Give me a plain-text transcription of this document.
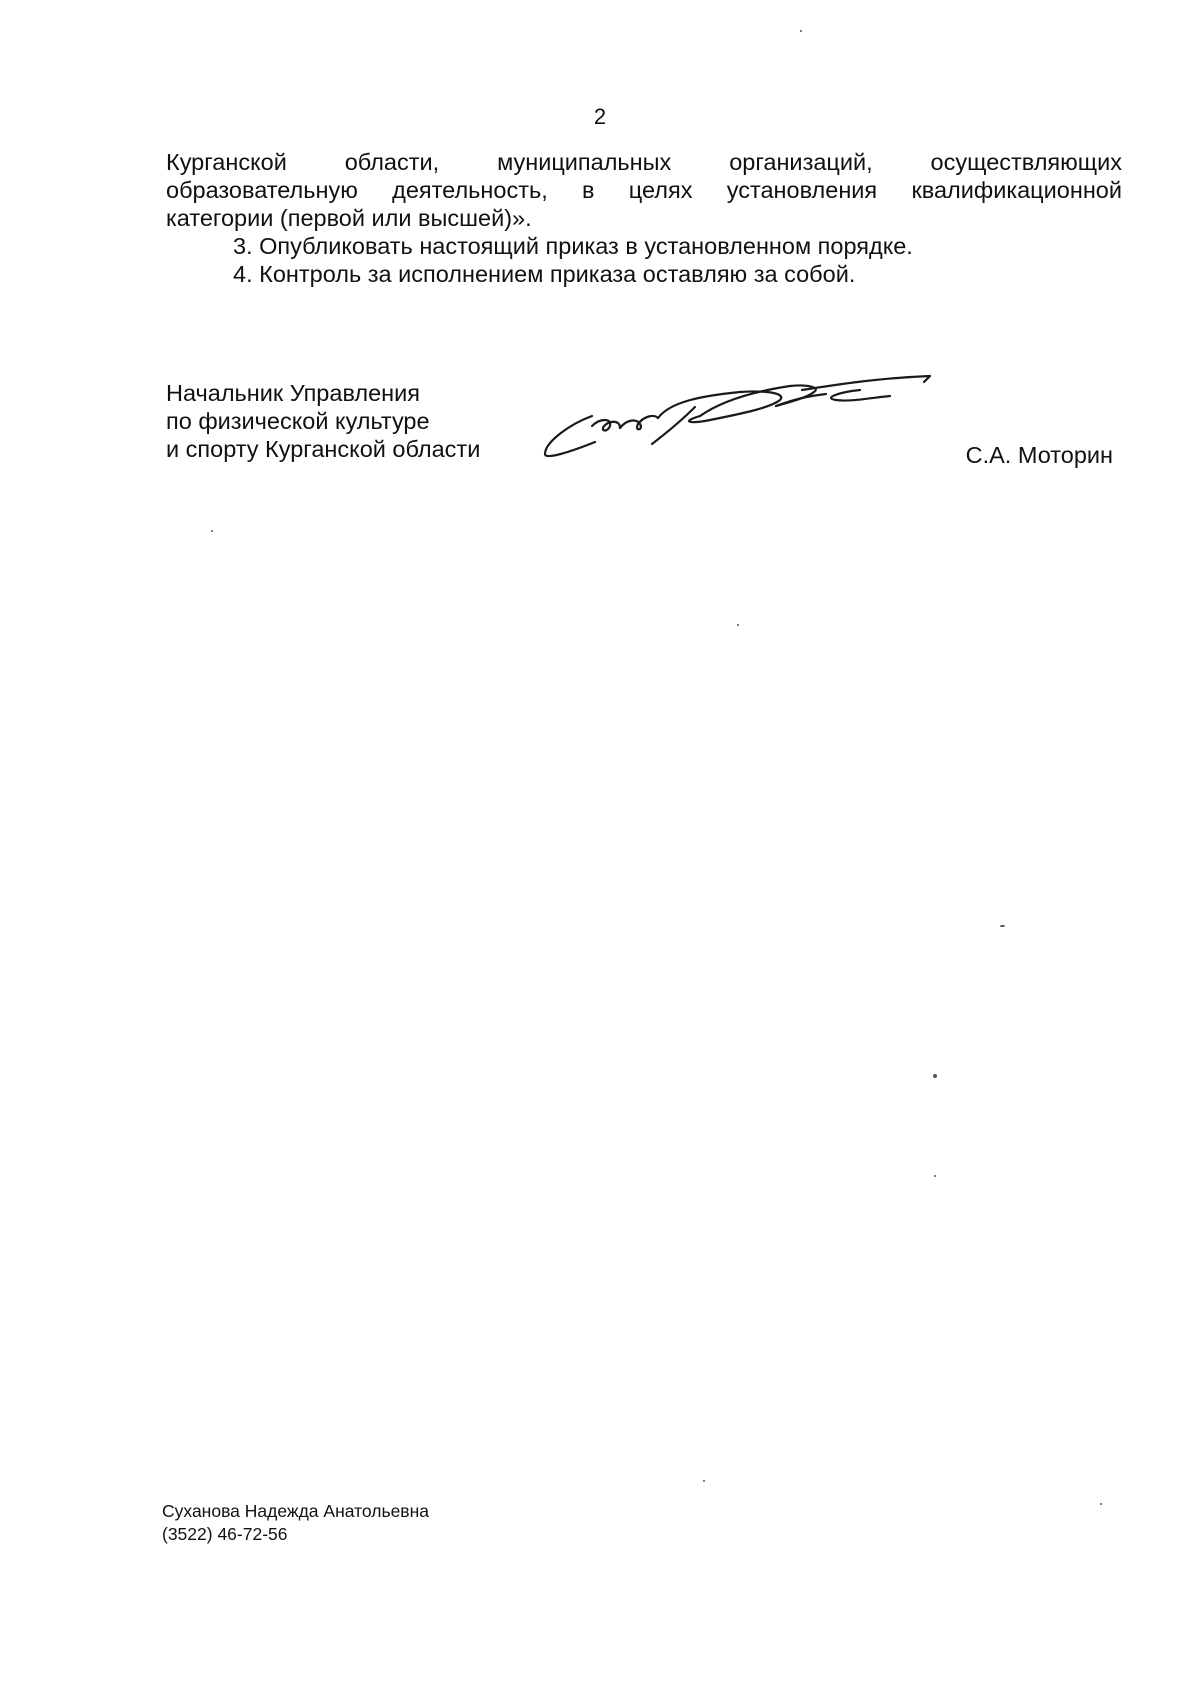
2

Курганской области, муниципальных организаций, осуществляющих

образовательную деятельность, в целях установления квалификационной

категории (первой или высшей)».

3. Опубликовать настоящий приказ в установленном порядке.

4. Контроль за исполнением приказа оставляю за собой.

Начальник Управления
по физической культуре
и спорту Курганской области	С.А. Моторин
Суханова Надежда Анатольевна
(3522) 46-72-56
